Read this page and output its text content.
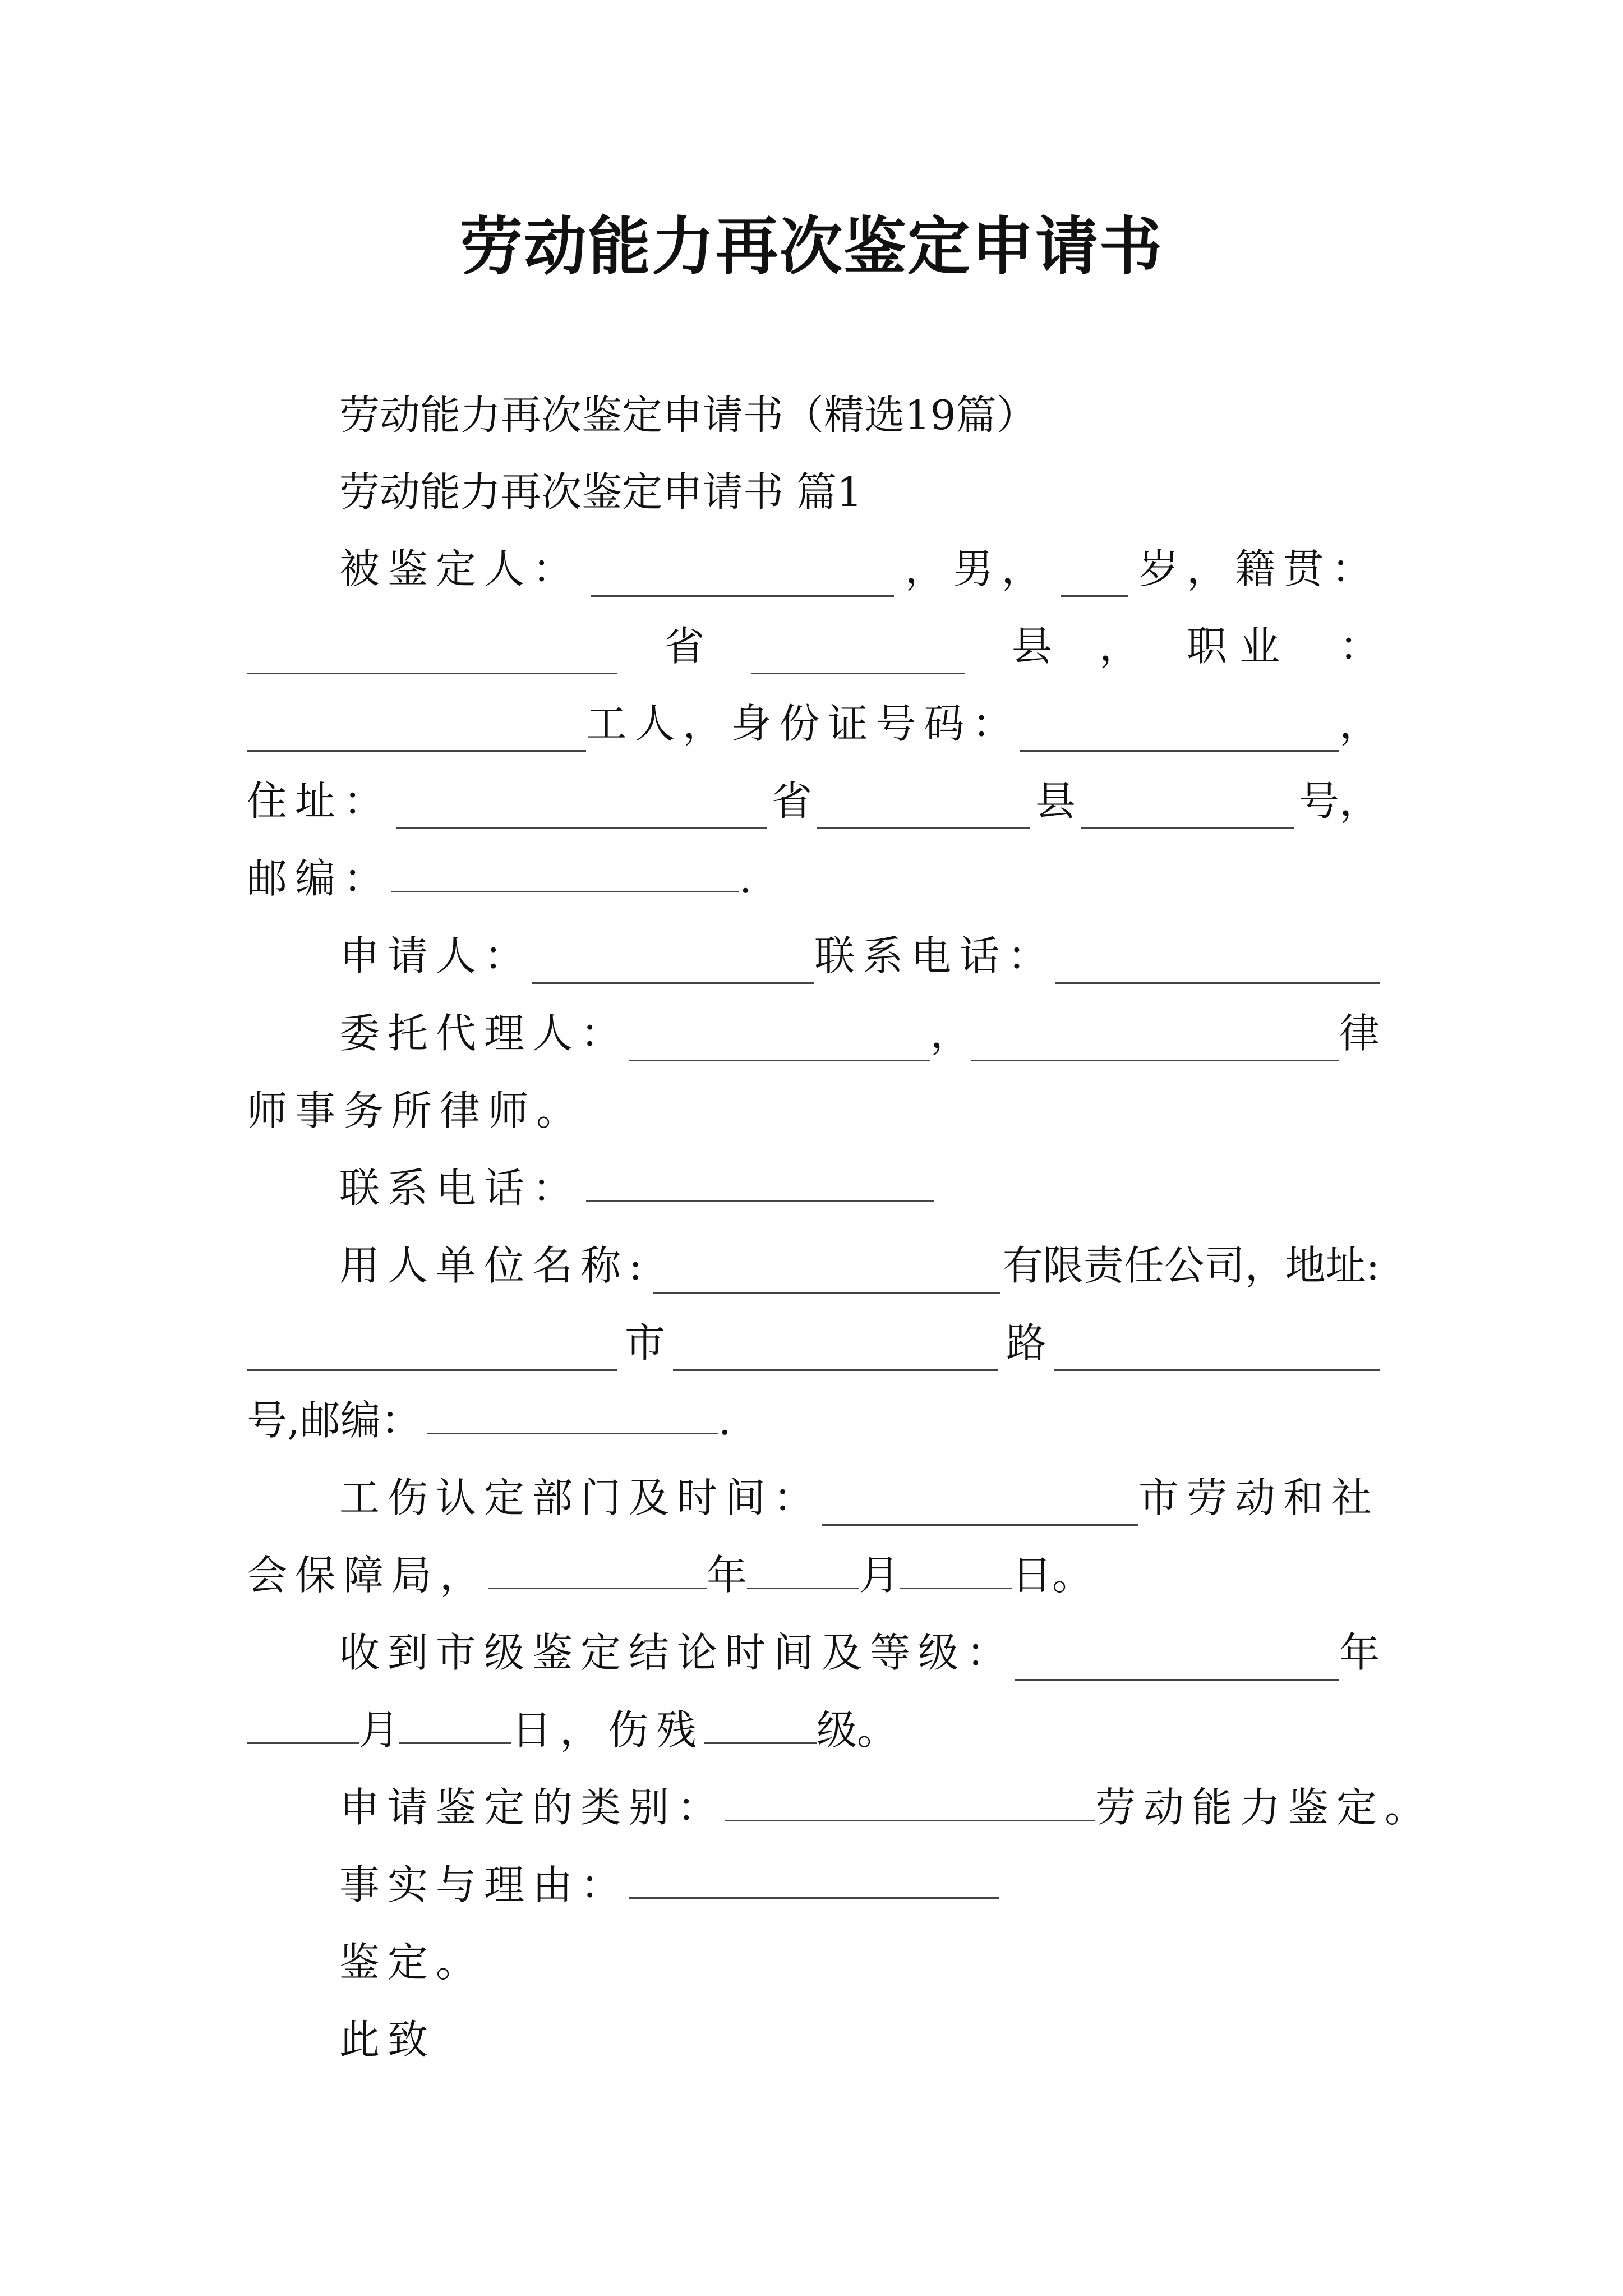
劳动能力再次鉴定申请书
劳动能力再次鉴定申请书（精选19篇）
劳动能力再次鉴定申请书 篇1
被鉴定人：	，男， 岁，籍贯：
省	县 ， 职业 ：
工人，身份证号码：	，
住址：	省	县	号，
邮编：	.
申请人：	联系电话：
委托代理人：	，	律
师事务所律师。
联系电话：
用人单位名称:	有限责任公司，地址:
市	路
号,邮编：	.
工伤认定部门及时间：	市劳动和社
会保障局，	年	月	日。
收到市级鉴定结论时间及等级：	年
月	日，伤残	级。
申请鉴定的类别：	劳动能力鉴定。
事实与理由：
鉴定。
此致
